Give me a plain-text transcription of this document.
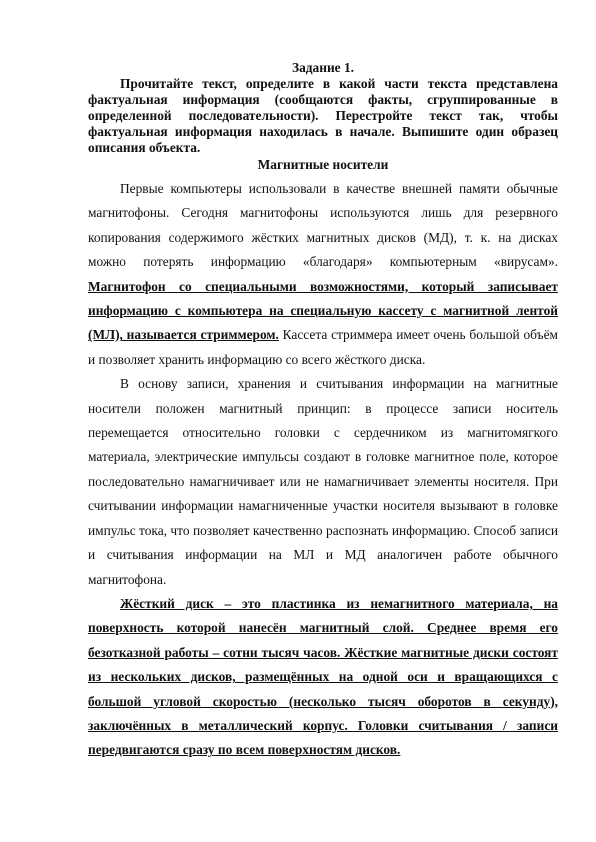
Задание 1.

Прочитайте текст, определите в какой части текста представлена фактуальная информация (сообщаются факты, сгруппированные в определенной последовательности). Перестройте текст так, чтобы фактуальная информация находилась в начале. Выпишите один образец описания объекта.

Магнитные носители

Первые компьютеры использовали в качестве внешней памяти обычные магнитофоны. Сегодня магнитофоны используются лишь для резервного копирования содержимого жёстких магнитных дисков (МД), т. к. на дисках можно потерять информацию «благодаря» компьютерным «вирусам». Магнитофон со специальными возможностями, который записывает информацию с компьютера на специальную кассету с магнитной лентой (МЛ), называется стриммером. Кассета стриммера имеет очень большой объём и позволяет хранить информацию со всего жёсткого диска.

В основу записи, хранения и считывания информации на магнитные носители положен магнитный принцип: в процессе записи носитель перемещается относительно головки с сердечником из магнитомягкого материала, электрические импульсы создают в головке магнитное поле, которое последовательно намагничивает или не намагничивает элементы носителя. При считывании информации намагниченные участки носителя вызывают в головке импульс тока, что позволяет качественно распознать информацию. Способ записи и считывания информации на МЛ и МД аналогичен работе обычного магнитофона.

Жёсткий диск – это пластинка из немагнитного материала, на поверхность которой нанесён магнитный слой. Среднее время его безотказной работы – сотни тысяч часов. Жёсткие магнитные диски состоят из нескольких дисков, размещённых на одной оси и вращающихся с большой угловой скоростью (несколько тысяч оборотов в секунду), заключённых в металлический корпус. Головки считывания / записи передвигаются сразу по всем поверхностям дисков.
